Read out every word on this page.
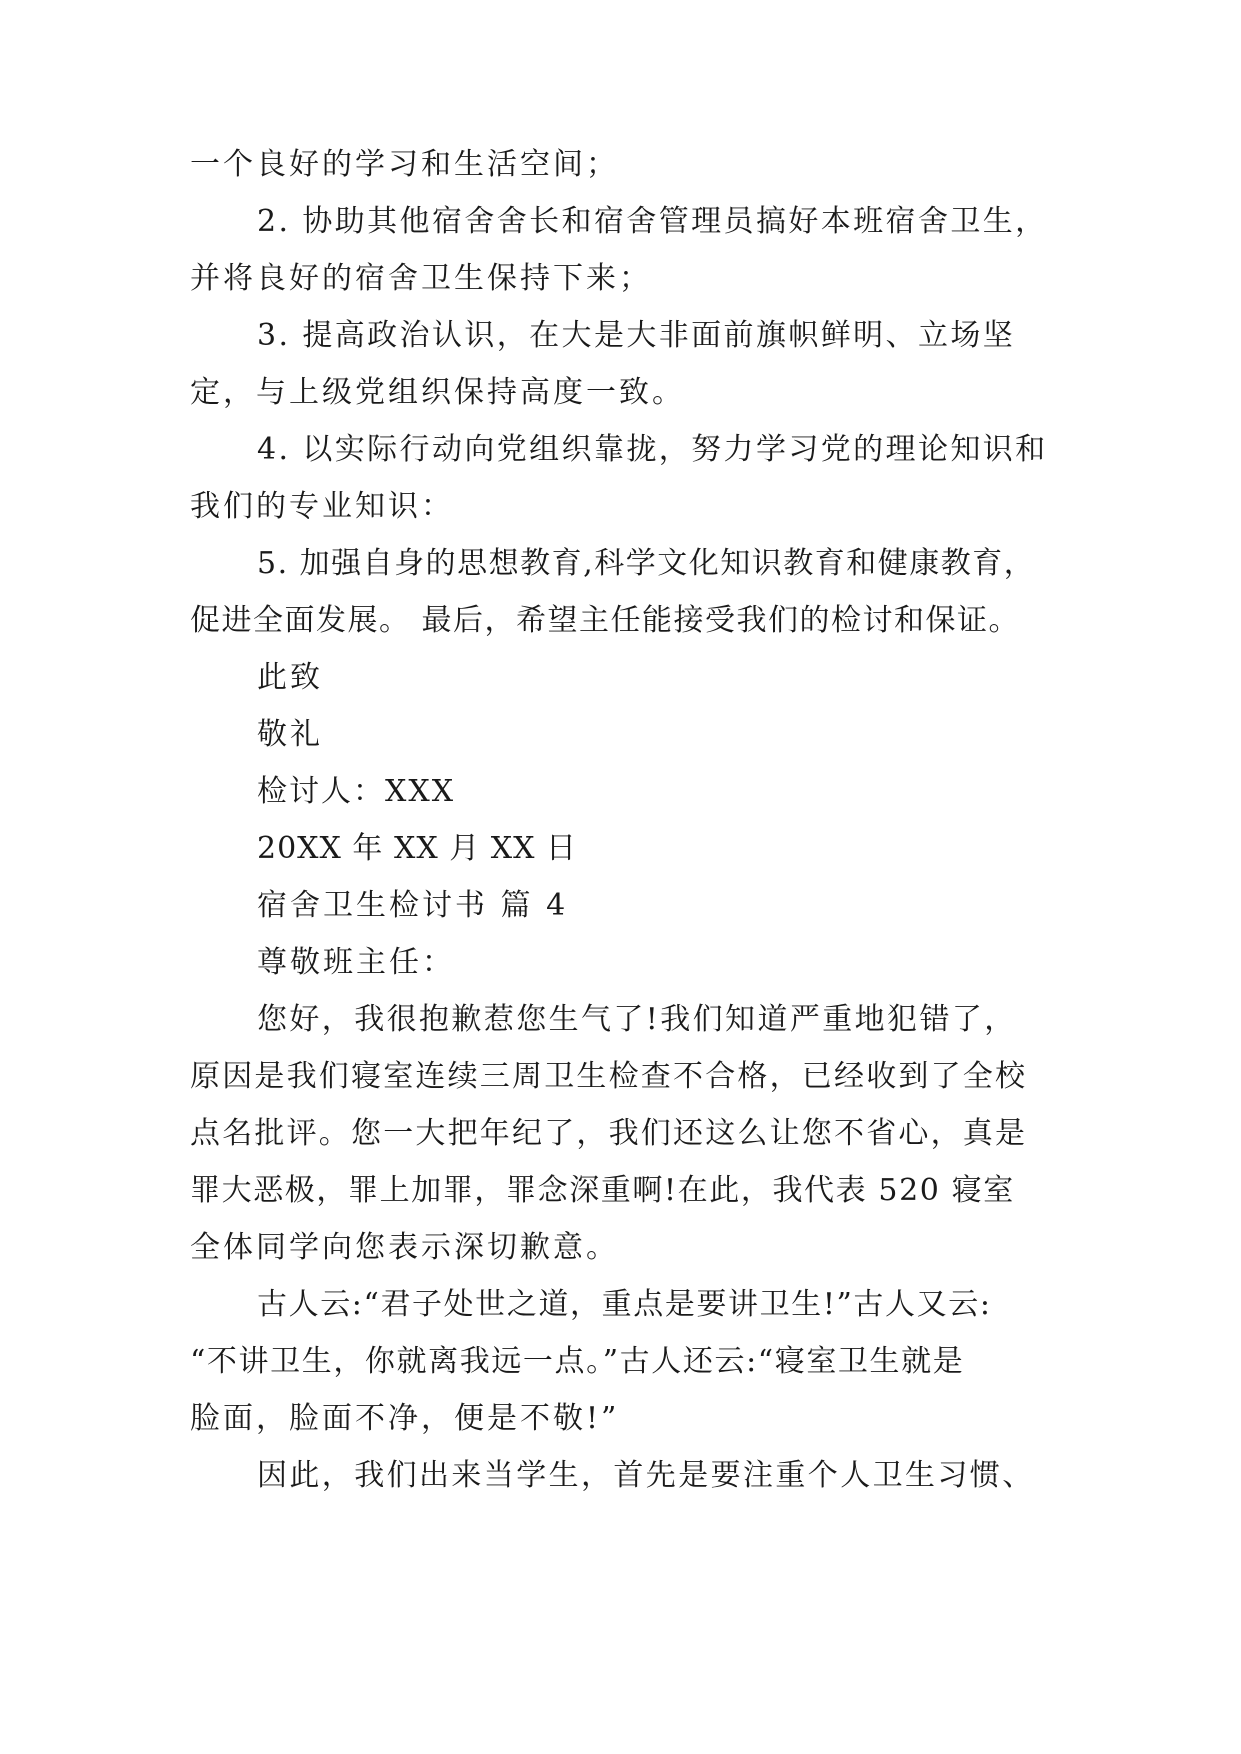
一个良好的学习和生活空间；
2. 协助其他宿舍舍长和宿舍管理员搞好本班宿舍卫生，
并将良好的宿舍卫生保持下来；
3. 提高政治认识，在大是大非面前旗帜鲜明、立场坚
定，与上级党组织保持高度一致。
4. 以实际行动向党组织靠拢，努力学习党的理论知识和
我们的专业知识：
5. 加强自身的思想教育,科学文化知识教育和健康教育，
促进全面发展。 最后，希望主任能接受我们的检讨和保证。
此致
敬礼
检讨人：XXX
20XX 年 XX 月 XX 日
宿舍卫生检讨书 篇 4
尊敬班主任：
您好，我很抱歉惹您生气了!我们知道严重地犯错了，
原因是我们寝室连续三周卫生检查不合格，已经收到了全校
点名批评。您一大把年纪了，我们还这么让您不省心，真是
罪大恶极，罪上加罪，罪念深重啊!在此，我代表 520 寝室
全体同学向您表示深切歉意。
古人云:“君子处世之道，重点是要讲卫生!”古人又云:
“不讲卫生，你就离我远一点。”古人还云:“寝室卫生就是
脸面，脸面不净，便是不敬!”
因此，我们出来当学生，首先是要注重个人卫生习惯、
